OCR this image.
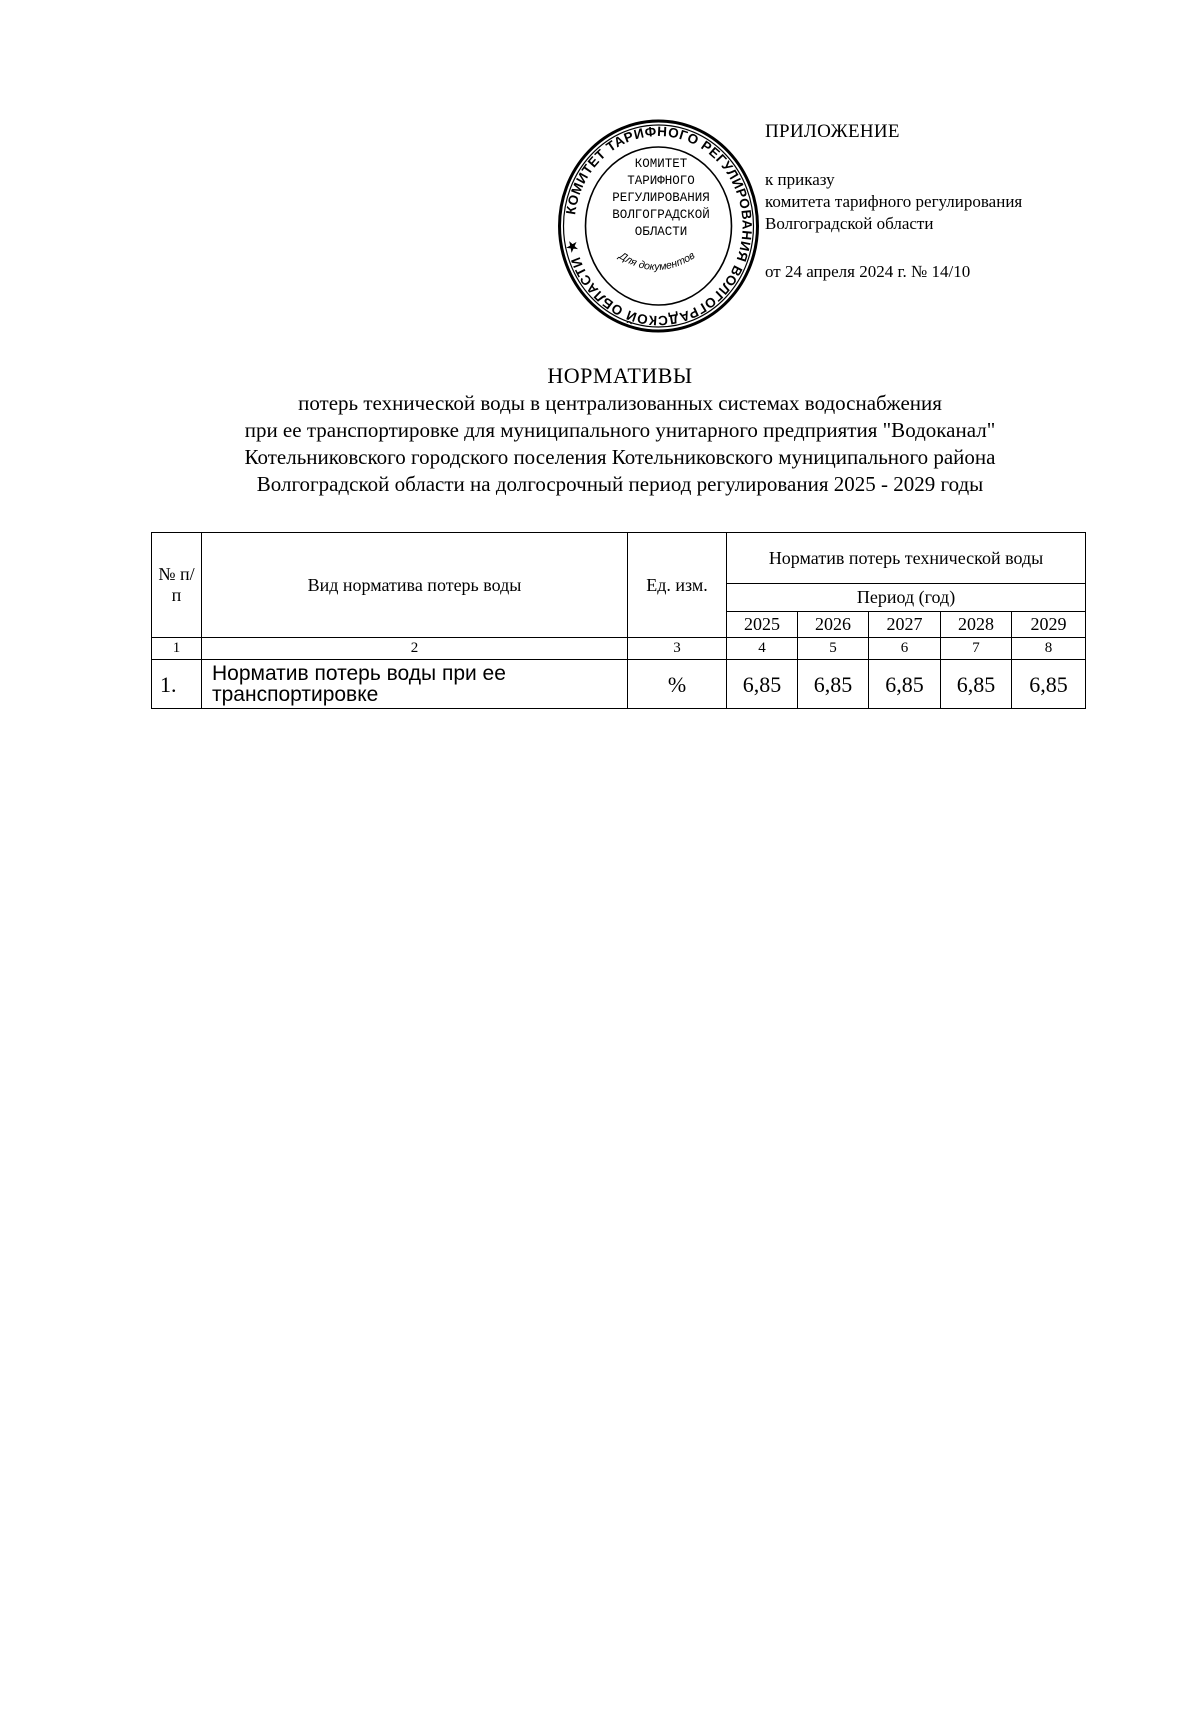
КОМИТЕТ ТАРИФНОГО РЕГУЛИРОВАНИЯ ВОЛГОГРАДСКОЙ ОБЛАСТИ ★
КОМИТЕТ
ТАРИФНОГО
РЕГУЛИРОВАНИЯ
ВОЛГОГРАДСКОЙ
ОБЛАСТИ
Для документов
ПРИЛОЖЕНИЕ
к приказу
комитета тарифного регулирования
Волгоградской области
от 24 апреля 2024 г. № 14/10
НОРМАТИВЫ
потерь технической воды в централизованных системах водоснабжения
при ее транспортировке для муниципального унитарного предприятия "Водоканал"
Котельниковского городского поселения Котельниковского муниципального района
Волгоградской области на долгосрочный период регулирования 2025 - 2029 годы
№ п/п	Вид норматива потерь воды	Ед. изм.	Норматив потерь технической воды				
			Период (год)				
			2025	2026	2027	2028	2029
1	2	3	4	5	6	7	8
1.	Норматив потерь воды при ее транспортировке	%	6,85	6,85	6,85	6,85	6,85
